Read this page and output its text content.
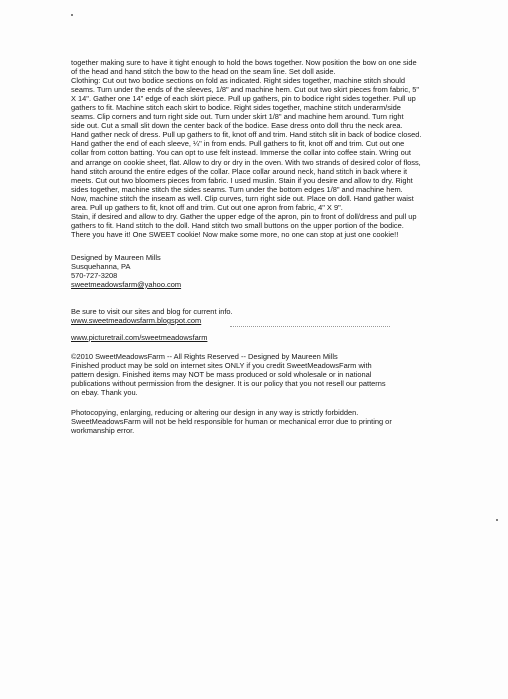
together making sure to have it tight enough to hold the bows together. Now position the bow on one side
of the head and hand stitch the bow to the head on the seam line. Set doll aside.
Clothing: Cut out two bodice sections on fold as indicated. Right sides together, machine stitch should
seams. Turn under the ends of the sleeves, 1/8" and machine hem. Cut out two skirt pieces from fabric, 5"
X 14". Gather one 14" edge of each skirt piece. Pull up gathers, pin to bodice right sides together. Pull up
gathers to fit. Machine stitch each skirt to bodice. Right sides together, machine stitch underarm/side
seams. Clip corners and turn right side out. Turn under skirt 1/8" and machine hem around. Turn right
side out. Cut a small slit down the center back of the bodice. Ease dress onto doll thru the neck area.
Hand gather neck of dress. Pull up gathers to fit, knot off and trim. Hand stitch slit in back of bodice closed.
Hand gather the end of each sleeve, ¼" in from ends. Pull gathers to fit, knot off and trim. Cut out one
collar from cotton batting. You can opt to use felt instead. Immerse the collar into coffee stain. Wring out
and arrange on cookie sheet, flat. Allow to dry or dry in the oven. With two strands of desired color of floss,
hand stitch around the entire edges of the collar. Place collar around neck, hand stitch in back where it
meets. Cut out two bloomers pieces from fabric. I used muslin. Stain if you desire and allow to dry. Right
sides together, machine stitch the sides seams. Turn under the bottom edges 1/8" and machine hem.
Now, machine stitch the inseam as well. Clip curves, turn right side out. Place on doll. Hand gather waist
area. Pull up gathers to fit, knot off and trim. Cut out one apron from fabric, 4" X 9".
Stain, if desired and allow to dry. Gather the upper edge of the apron, pin to front of doll/dress and pull up
gathers to fit. Hand stitch to the doll. Hand stitch two small buttons on the upper portion of the bodice.
There you have it! One SWEET cookie! Now make some more, no one can stop at just one cookie!!
Designed by Maureen Mills
Susquehanna, PA
570-727-3208
sweetmeadowsfarm@yahoo.com
Be sure to visit our sites and blog for current info.
www.sweetmeadowsfarm.blogspot.com
www.picturetrail.com/sweetmeadowsfarm
©2010 SweetMeadowsFarm -- All Rights Reserved -- Designed by Maureen Mills
Finished product may be sold on internet sites ONLY if you credit SweetMeadowsFarm with
pattern design. Finished items may NOT be mass produced or sold wholesale or in national
publications without permission from the designer. It is our policy that you not resell our patterns
on ebay. Thank you.
Photocopying, enlarging, reducing or altering our design in any way is strictly forbidden.
SweetMeadowsFarm will not be held responsible for human or mechanical error due to printing or
workmanship error.
